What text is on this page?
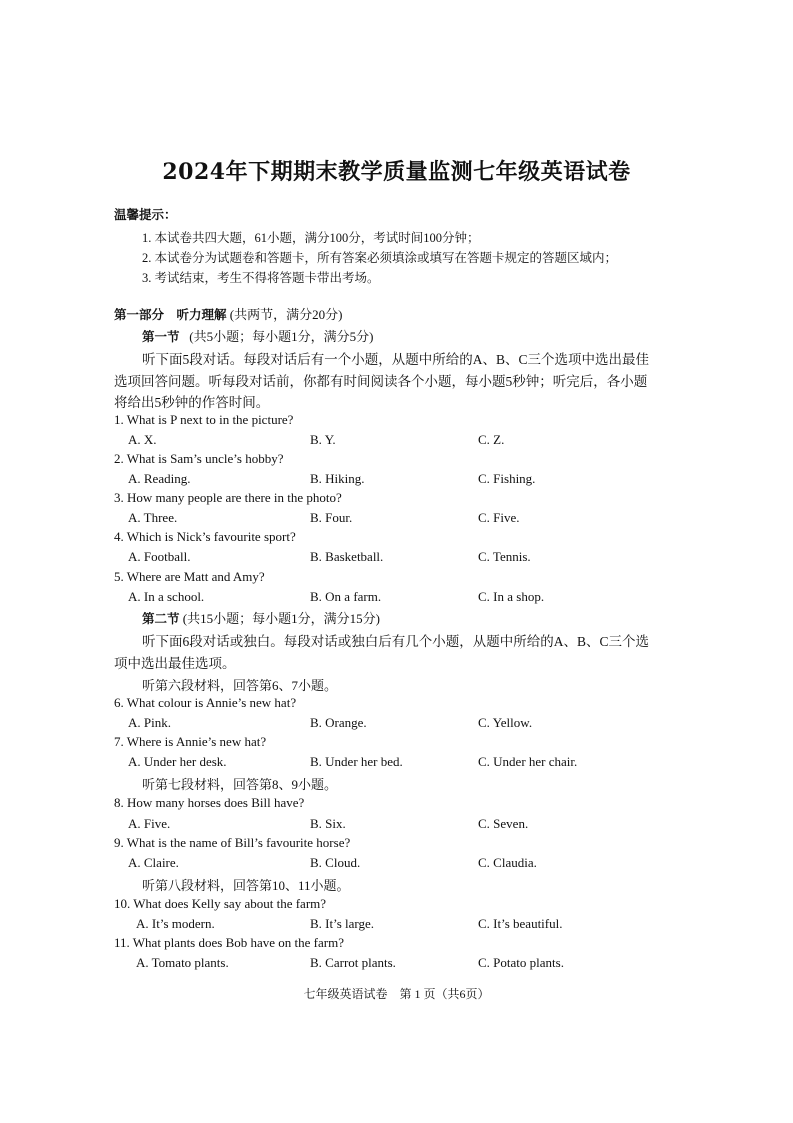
2024年下期期末教学质量监测七年级英语试卷
温馨提示：
1. 本试卷共四大题，61小题，满分100分，考试时间100分钟；
2. 本试卷分为试题卷和答题卡，所有答案必须填涂或填写在答题卡规定的答题区域内；
3. 考试结束，考生不得将答题卡带出考场。
第一部分　听力理解 (共两节，满分20分)
第一节 (共5小题；每小题1分，满分5分)
听下面5段对话。每段对话后有一个小题，从题中所给的A、B、C三个选项中选出最佳
选项回答问题。听每段对话前，你都有时间阅读各个小题，每小题5秒钟；听完后，各小题
将给出5秒钟的作答时间。
1. What is P next to in the picture?
A. X.	B. Y.	C. Z.
2. What is Sam’s uncle’s hobby?
A. Reading.	B. Hiking.	C. Fishing.
3. How many people are there in the photo?
A. Three.	B. Four.	C. Five.
4. Which is Nick’s favourite sport?
A. Football.	B. Basketball.	C. Tennis.
5. Where are Matt and Amy?
A. In a school.	B. On a farm.	C. In a shop.
第二节 (共15小题；每小题1分，满分15分)
听下面6段对话或独白。每段对话或独白后有几个小题，从题中所给的A、B、C三个选
项中选出最佳选项。
听第六段材料，回答第6、7小题。
6. What colour is Annie’s new hat?
A. Pink.	B. Orange.	C. Yellow.
7. Where is Annie’s new hat?
A. Under her desk.	B. Under her bed.	C. Under her chair.
听第七段材料，回答第8、9小题。
8. How many horses does Bill have?
A. Five.	B. Six.	C. Seven.
9. What is the name of Bill’s favourite horse?
A. Claire.	B. Cloud.	C. Claudia.
听第八段材料，回答第10、11小题。
10. What does Kelly say about the farm?
A. It’s modern.	B. It’s large.	C. It’s beautiful.
11. What plants does Bob have on the farm?
A. Tomato plants.	B. Carrot plants.	C. Potato plants.
七年级英语试卷　第 1 页（共6页）
